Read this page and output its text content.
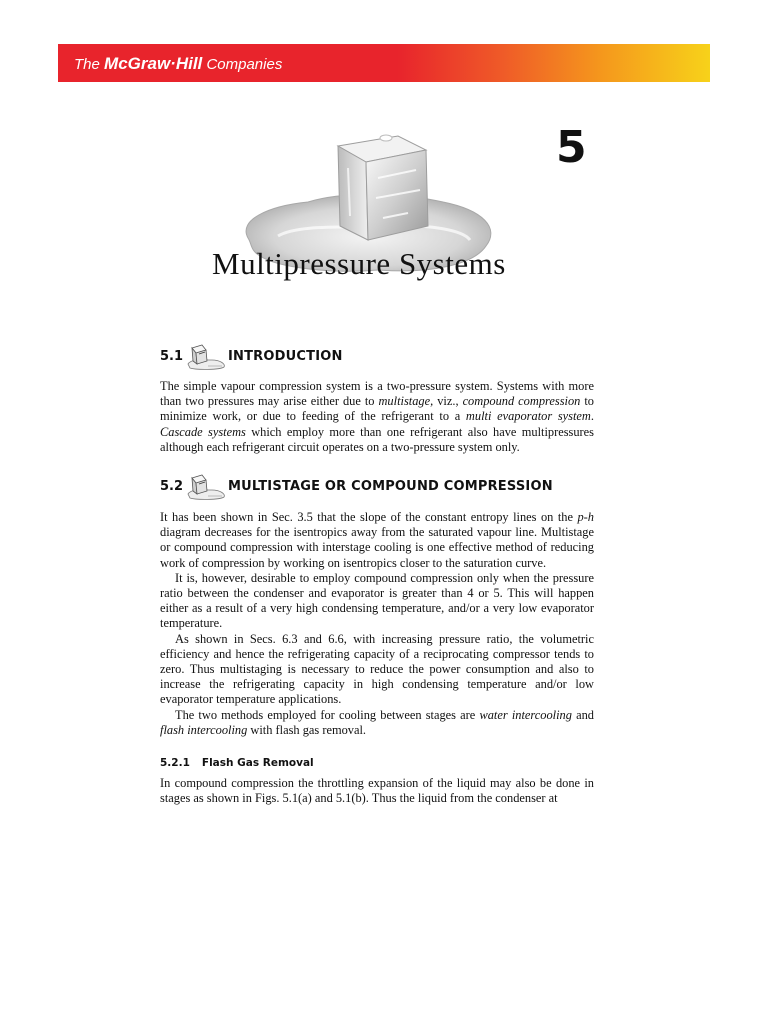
The McGraw·Hill Companies
5
Multipressure Systems
5.1	INTRODUCTION

The simple vapour compression system is a two-pressure system. Systems with more than two pressures may arise either due to multistage, viz., compound compression to minimize work, or due to feeding of the refrigerant to a multi evaporator system. Cascade systems which employ more than one refrigerant also have multipressures although each refrigerant circuit operates on a two-pressure system only.

5.2	MULTISTAGE OR COMPOUND COMPRESSION

It has been shown in Sec. 3.5 that the slope of the constant entropy lines on the p-h diagram decreases for the isentropics away from the saturated vapour line. Multistage or compound compression with interstage cooling is one effective method of reducing work of compression by working on isentropics closer to the saturation curve.

It is, however, desirable to employ compound compression only when the pressure ratio between the condenser and evaporator is greater than 4 or 5. This will happen either as a result of a very high condensing temperature, and/or a very low evaporator temperature.

As shown in Secs. 6.3 and 6.6, with increasing pressure ratio, the volumetric efficiency and hence the refrigerating capacity of a reciprocating compressor tends to zero. Thus multistaging is necessary to reduce the power consumption and also to increase the refrigerating capacity in high condensing temperature and/or low evaporator temperature applications.

The two methods employed for cooling between stages are water intercooling and flash intercooling with flash gas removal.

5.2.1 Flash Gas Removal

In compound compression the throttling expansion of the liquid may also be done in stages as shown in Figs. 5.1(a) and 5.1(b). Thus the liquid from the condenser at
